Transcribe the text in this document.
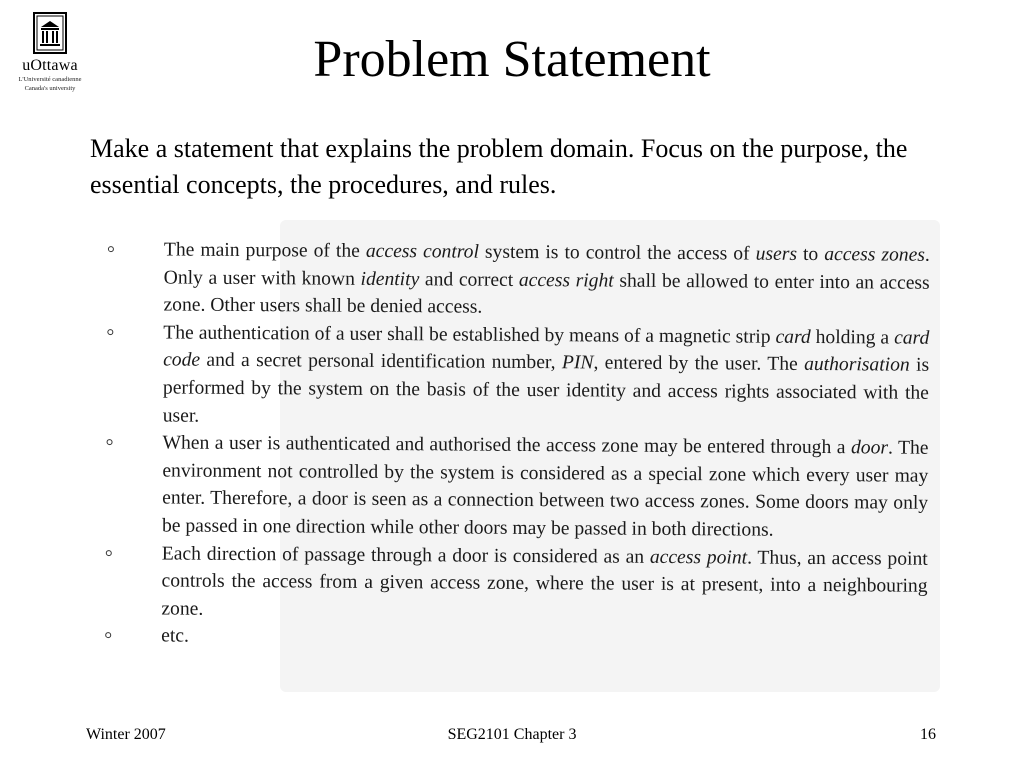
uOttawa
L'Université canadienne
Canada's university
Problem Statement

Make a statement that explains the problem domain. Focus on the purpose, the essential concepts, the procedures, and rules.

The main purpose of the access control system is to control the access of users to access zones. Only a user with known identity and correct access right shall be allowed to enter into an access zone. Other users shall be denied access.
The authentication of a user shall be established by means of a magnetic strip card holding a card code and a secret personal identification number, PIN, entered by the user. The authorisation is performed by the system on the basis of the user identity and access rights associated with the user.
When a user is authenticated and authorised the access zone may be entered through a door. The environment not controlled by the system is considered as a special zone which every user may enter. Therefore, a door is seen as a connection between two access zones. Some doors may only be passed in one direction while other doors may be passed in both directions.
Each direction of passage through a door is considered as an access point. Thus, an access point controls the access from a given access zone, where the user is at present, into a neighbouring zone.
etc.
Winter 2007	SEG2101 Chapter 3	16
